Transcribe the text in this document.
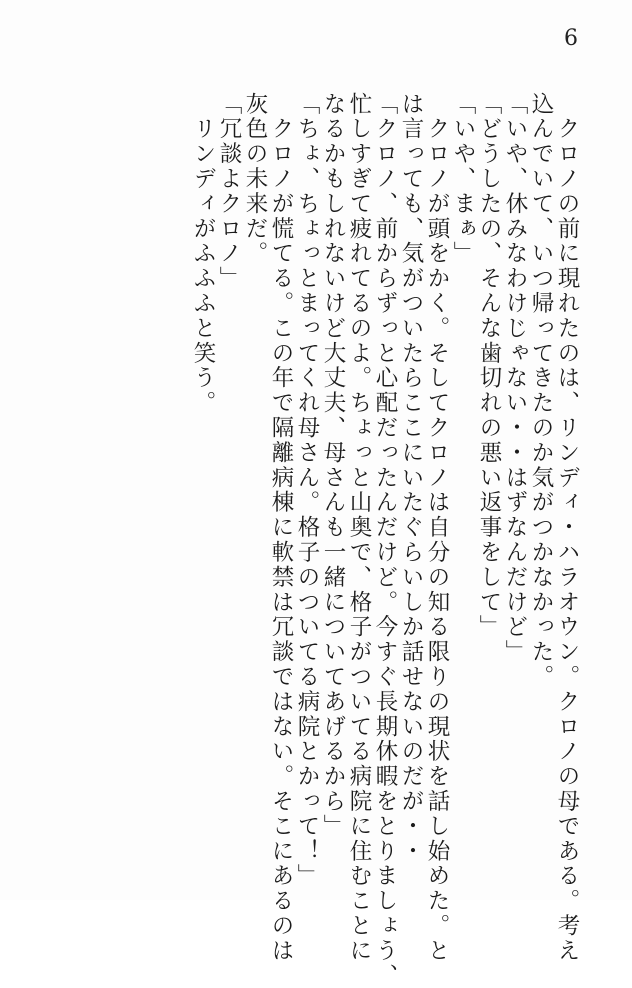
6
　クロノの前に現れたのは、リンディ・ハラオウン。クロノの母である。考え
込んでいて、いつ帰ってきたのか気がつかなかった。
「いや、休みなわけじゃない・・はずなんだけど」
「どうしたの、そんな歯切れの悪い返事をして」
「いや、まぁ」
　クロノが頭をかく。そしてクロノは自分の知る限りの現状を話し始めた。と
は言っても、気がついたらここにいたぐらいしか話せないのだが・・
「クロノ、前からずっと心配だったんだけど。今すぐ長期休暇をとりましょう、
忙しすぎて疲れてるのよ。ちょっと山奥で、格子がついてる病院に住むことに
なるかもしれないけど大丈夫、母さんも一緒についてあげるから」
「ちょ、ちょっとまってくれ母さん。格子のついてる病院とかって！」
　クロノが慌てる。この年で隔離病棟に軟禁は冗談ではない。そこにあるのは
灰色の未来だ。
「冗談よクロノ」
　リンディがふふふと笑う。
